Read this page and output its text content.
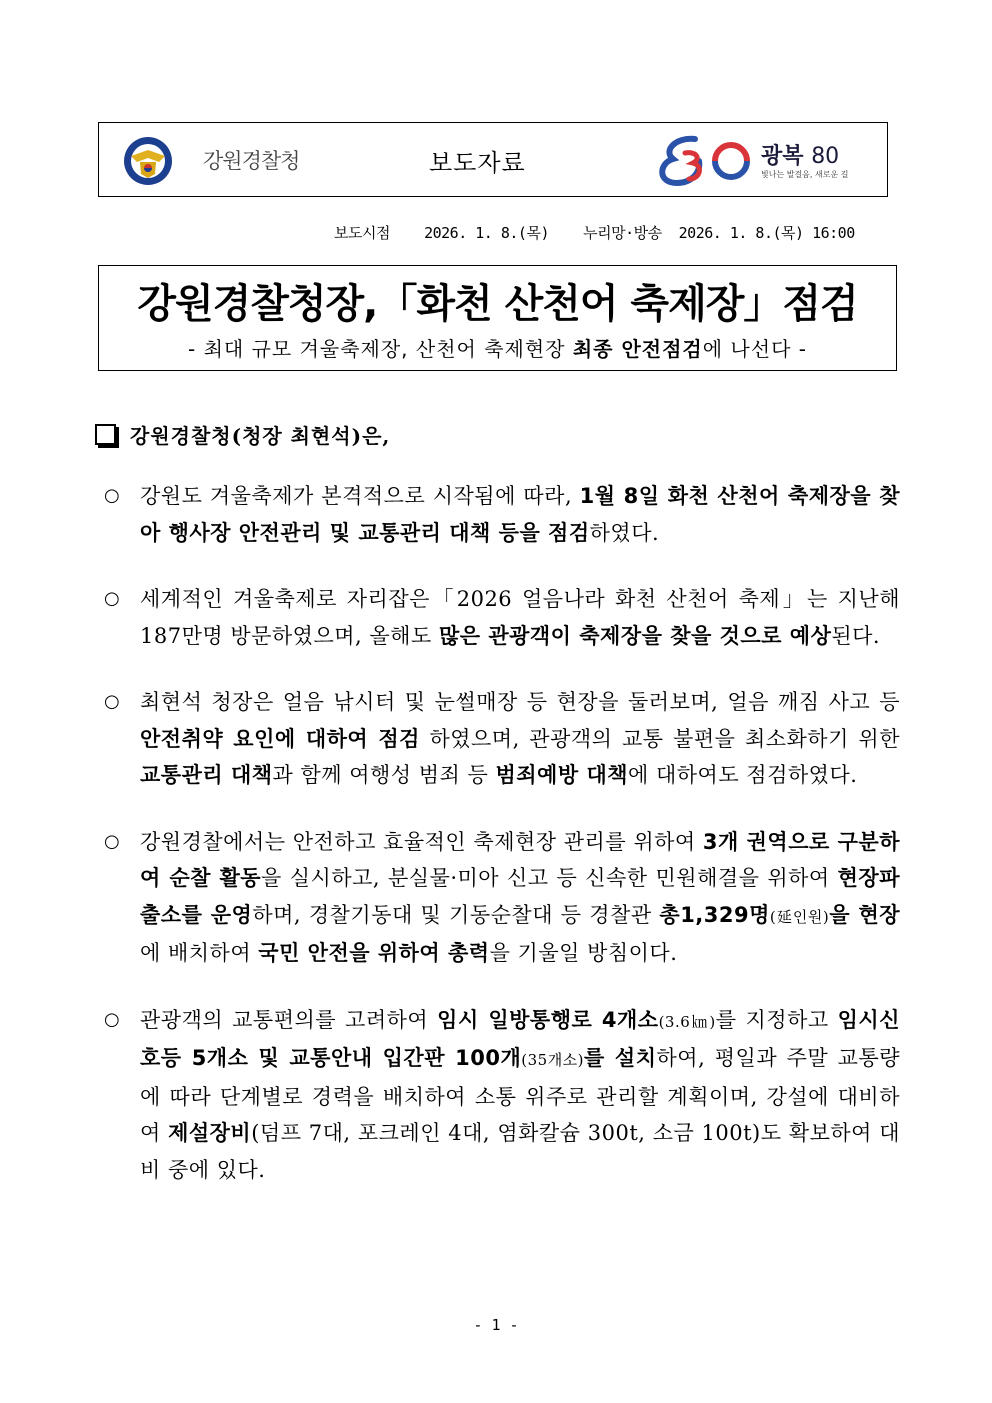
강원경찰청	보도자료	광복 80
빛나는 발걸음, 새로운 길
보도시점 2026. 1. 8.(목) 누리망·방송 2026. 1. 8.(목) 16:00
강원경찰청장,「화천 산천어 축제장」점검
- 최대 규모 겨울축제장, 산천어 축제현장 최종 안전점검에 나선다 -
강원경찰청(청장 최현석)은,
○ 강원도 겨울축제가 본격적으로 시작됨에 따라, 1월 8일 화천 산천어 축제장을 찾아 행사장 안전관리 및 교통관리 대책 등을 점검하였다.
○ 세계적인 겨울축제로 자리잡은「2026 얼음나라 화천 산천어 축제」는 지난해 187만명 방문하였으며, 올해도 많은 관광객이 축제장을 찾을 것으로 예상된다.
○ 최현석 청장은 얼음 낚시터 및 눈썰매장 등 현장을 둘러보며, 얼음 깨짐 사고 등 안전취약 요인에 대하여 점검 하였으며, 관광객의 교통 불편을 최소화하기 위한 교통관리 대책과 함께 여행성 범죄 등 범죄예방 대책에 대하여도 점검하였다.
○ 강원경찰에서는 안전하고 효율적인 축제현장 관리를 위하여 3개 권역으로 구분하여 순찰 활동을 실시하고, 분실물·미아 신고 등 신속한 민원해결을 위하여 현장파출소를 운영하며, 경찰기동대 및 기동순찰대 등 경찰관 총1,329명(延인원)을 현장에 배치하여 국민 안전을 위하여 총력을 기울일 방침이다.
○ 관광객의 교통편의를 고려하여 임시 일방통행로 4개소(3.6㎞)를 지정하고 임시신호등 5개소 및 교통안내 입간판 100개(35개소)를 설치하여, 평일과 주말 교통량에 따라 단계별로 경력을 배치하여 소통 위주로 관리할 계획이며, 강설에 대비하여 제설장비(덤프 7대, 포크레인 4대, 염화칼슘 300t, 소금 100t)도 확보하여 대비 중에 있다.
- 1 -
